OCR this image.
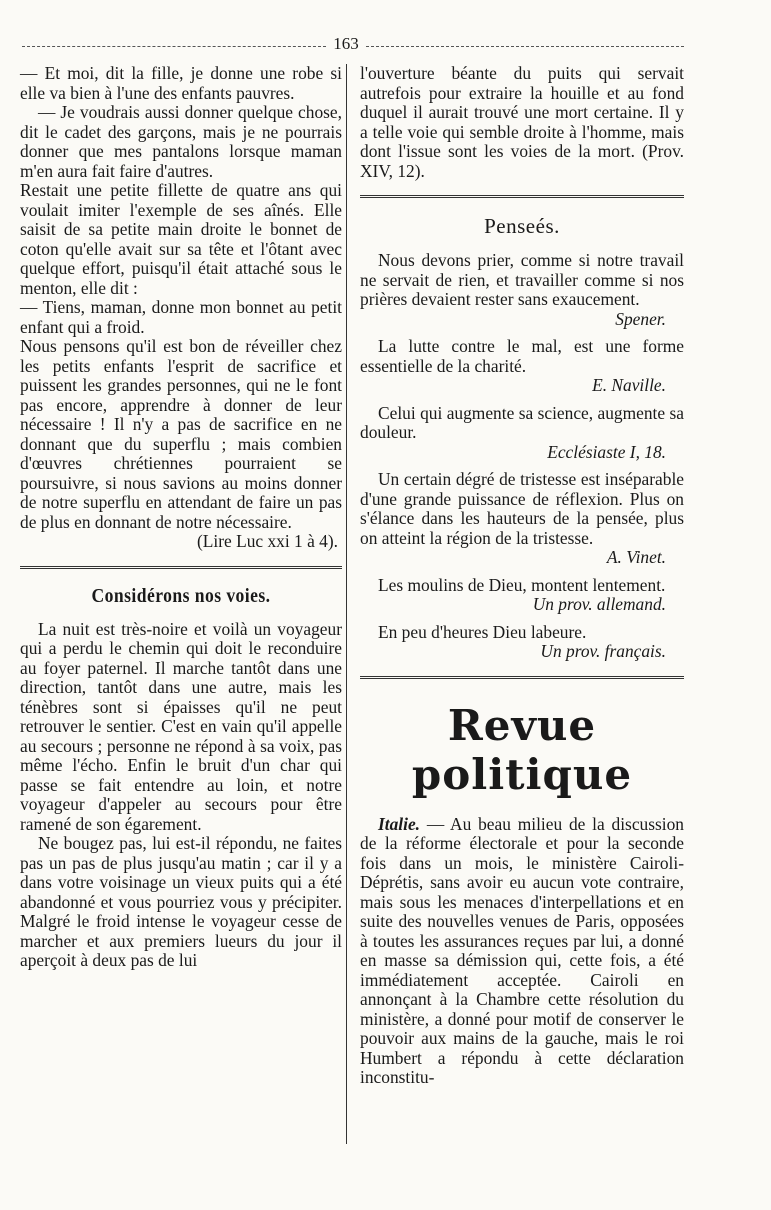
163

— Et moi, dit la fille, je donne une robe si elle va bien à l'une des enfants pauvres.

— Je voudrais aussi donner quelque chose, dit le cadet des garçons, mais je ne pourrais donner que mes pantalons lorsque maman m'en aura fait faire d'autres.

Restait une petite fillette de quatre ans qui voulait imiter l'exemple de ses aînés. Elle saisit de sa petite main droite le bonnet de coton qu'elle avait sur sa tête et l'ôtant avec quelque effort, puisqu'il était attaché sous le menton, elle dit :

— Tiens, maman, donne mon bonnet au petit enfant qui a froid.

Nous pensons qu'il est bon de réveiller chez les petits enfants l'esprit de sacrifice et puissent les grandes personnes, qui ne le font pas encore, apprendre à donner de leur nécessaire ! Il n'y a pas de sacrifice en ne donnant que du superflu ; mais combien d'œuvres chrétiennes pourraient se poursuivre, si nous savions au moins donner de notre superflu en attendant de faire un pas de plus en donnant de notre nécessaire.

(Lire Luc xxi 1 à 4).
Considérons nos voies.

La nuit est très-noire et voilà un voyageur qui a perdu le chemin qui doit le reconduire au foyer paternel. Il marche tantôt dans une direction, tantôt dans une autre, mais les ténèbres sont si épaisses qu'il ne peut retrouver le sentier. C'est en vain qu'il appelle au secours ; personne ne répond à sa voix, pas même l'écho. Enfin le bruit d'un char qui passe se fait entendre au loin, et notre voyageur d'appeler au secours pour être ramené de son égarement.

Ne bougez pas, lui est-il répondu, ne faites pas un pas de plus jusqu'au matin ; car il y a dans votre voisinage un vieux puits qui a été abandonné et vous pourriez vous y précipiter. Malgré le froid intense le voyageur cesse de marcher et aux premiers lueurs du jour il aperçoit à deux pas de lui

l'ouverture béante du puits qui servait autrefois pour extraire la houille et au fond duquel il aurait trouvé une mort certaine. Il y a telle voie qui semble droite à l'homme, mais dont l'issue sont les voies de la mort. (Prov. XIV, 12).

Penseés.

Nous devons prier, comme si notre travail ne servait de rien, et travailler comme si nos prières devaient rester sans exaucement.

Spener.

La lutte contre le mal, est une forme essentielle de la charité.

E. Naville.

Celui qui augmente sa science, augmente sa douleur.

Ecclésiaste I, 18.

Un certain dégré de tristesse est inséparable d'une grande puissance de réflexion. Plus on s'élance dans les hauteurs de la pensée, plus on atteint la région de la tristesse.

A. Vinet.

Les moulins de Dieu, montent lentement.

Un prov. allemand.

En peu d'heures Dieu labeure.

Un prov. français.
Revue politique

Italie. — Au beau milieu de la discussion de la réforme électorale et pour la seconde fois dans un mois, le ministère Cairoli-Déprétis, sans avoir eu aucun vote contraire, mais sous les menaces d'interpellations et en suite des nouvelles venues de Paris, opposées à toutes les assurances reçues par lui, a donné en masse sa démission qui, cette fois, a été immédiatement acceptée. Cairoli en annonçant à la Chambre cette résolution du ministère, a donné pour motif de conserver le pouvoir aux mains de la gauche, mais le roi Humbert a répondu à cette déclaration inconstitu-
